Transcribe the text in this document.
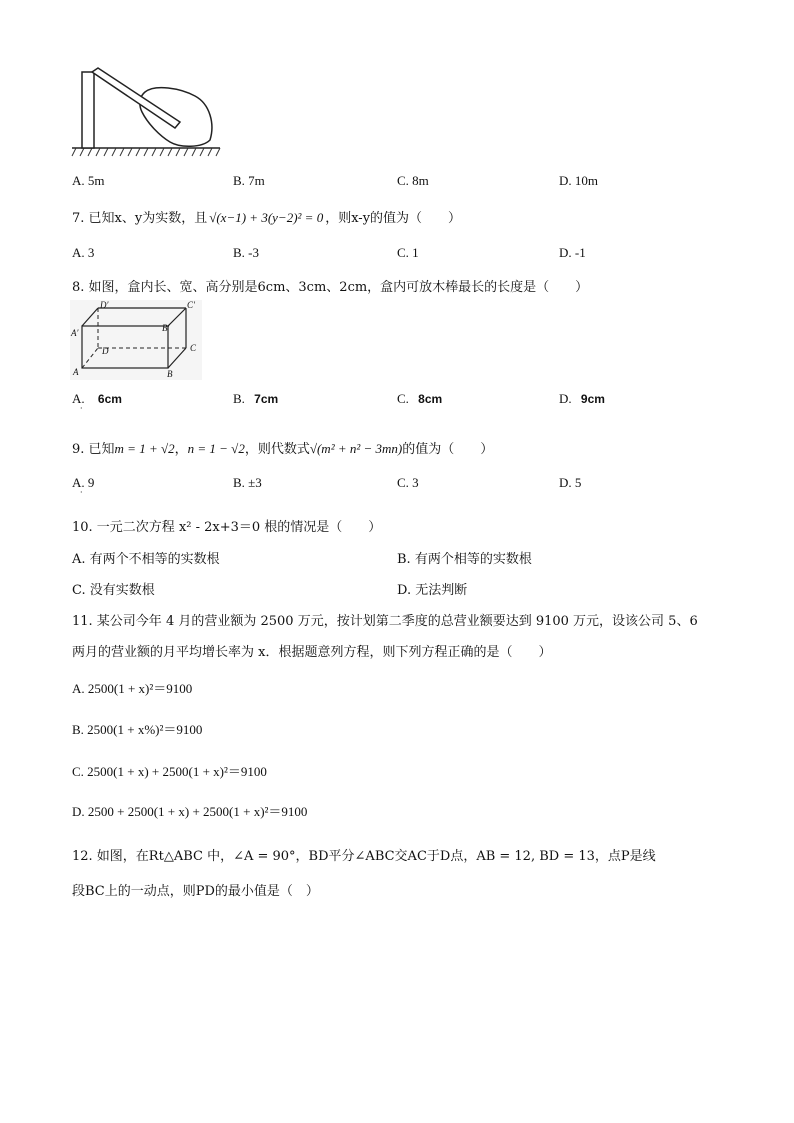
A. 5m	B. 7m	C. 8m	D. 10m
7. 已知x、y为实数，且 √(x−1) + 3(y−2)² = 0 ，则x-y的值为（　　）
A. 3	B. -3	C. 1	D. -1
8. 如图，盒内长、宽、高分别是6cm、3cm、2cm，盒内可放木棒最长的长度是（　　）
D′	C′
A′	B′
D	C
A	B
A. 6cm
·
B. 7cm	C. 8cm	D. 9cm
9. 已知m = 1 + √2，n = 1 − √2，则代数式√(m² + n² − 3mn)的值为（　　）
A. 9
·
B. ±3	C. 3	D. 5
10. 一元二次方程 x² - 2x+3＝0 根的情况是（　　）
A. 有两个不相等的实数根	B. 有两个相等的实数根
C. 没有实数根	D. 无法判断
11. 某公司今年 4 月的营业额为 2500 万元，按计划第二季度的总营业额要达到 9100 万元，设该公司 5、6
两月的营业额的月平均增长率为 x．根据题意列方程，则下列方程正确的是（　　）
A. 2500(1 + x)²＝9100
B. 2500(1 + x%)²＝9100
C. 2500(1 + x) + 2500(1 + x)²＝9100
D. 2500 + 2500(1 + x) + 2500(1 + x)²＝9100
12. 如图，在Rt△ABC 中，∠A = 90°，BD平分∠ABC交AC于D点，AB = 12, BD = 13，点P是线
段BC上的一动点，则PD的最小值是（　）
